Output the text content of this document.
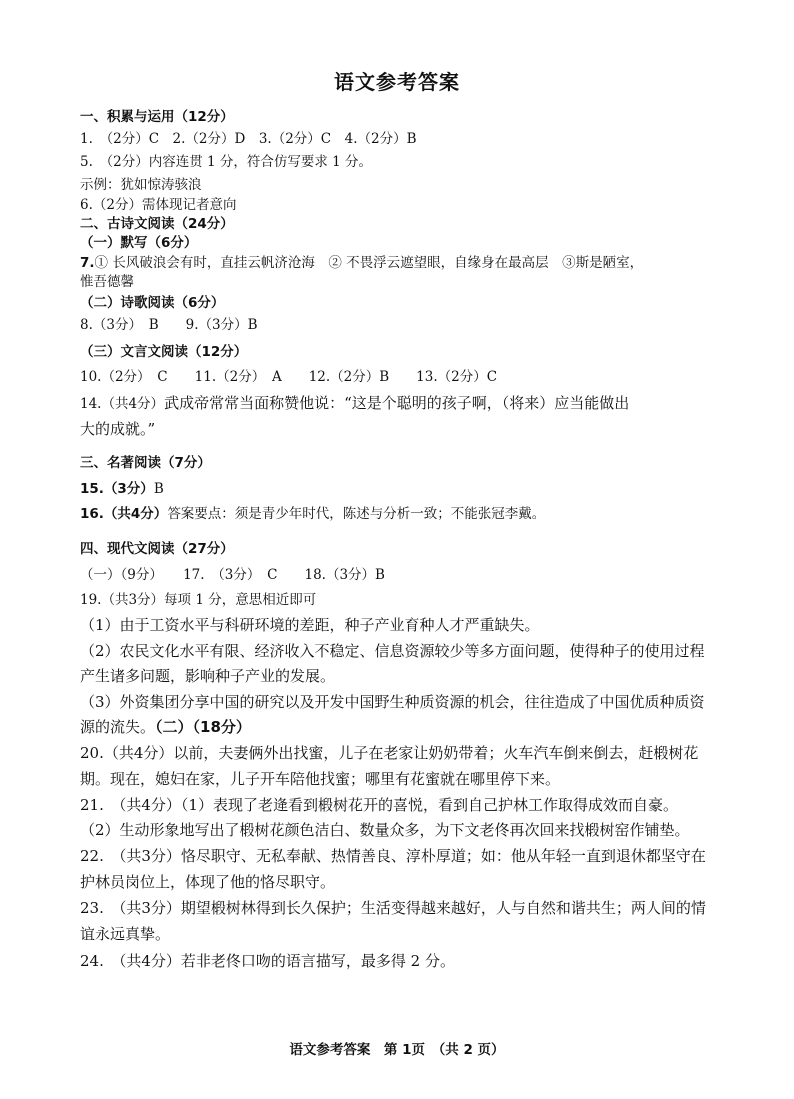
语文参考答案
一、积累与运用（12分）
1.　（2分）C　2.（2分）D　3.（2分）C　4.（2分）B
5.　（2分）内容连贯 1 分，符合仿写要求 1 分。
示例：犹如惊涛骇浪
6.（2分）需体现记者意向
二、古诗文阅读（24分）
（一）默写（6分）
7.① 长风破浪会有时，直挂云帆济沧海　② 不畏浮云遮望眼，自缘身在最高层　③斯是陋室，
惟吾德馨
（二）诗歌阅读（6分）
8.（3分）　B　　9.（3分）B
（三）文言文阅读（12分）
10.（2分）　C　　11.（2分）　A　　12.（2分）B　　13.（2分）C
14.（共4分）武成帝常常当面称赞他说：“这是个聪明的孩子啊，（将来）应当能做出
大的成就。”
三、名著阅读（7分）
15.（3分）B
16.（共4分）答案要点：须是青少年时代，陈述与分析一致；不能张冠李戴。
四、现代文阅读（27分）
（一）（9分）　　17.　（3分）　C　　18.（3分）B
19.（共3分）每项 1 分，意思相近即可
（1）由于工资水平与科研环境的差距，种子产业育种人才严重缺失。
（2）农民文化水平有限、经济收入不稳定、信息资源较少等多方面问题，使得种子的使用过程
产生诸多问题，影响种子产业的发展。
（3）外资集团分享中国的研究以及开发中国野生种质资源的机会，往往造成了中国优质种质资
源的流失。（二）（18分）
20.（共4分）以前，夫妻俩外出找蜜，儿子在老家让奶奶带着；火车汽车倒来倒去，赶椴树花
期。现在，媳妇在家，儿子开车陪他找蜜；哪里有花蜜就在哪里停下来。
21.　（共4分）（1）表现了老逄看到椴树花开的喜悦，看到自己护林工作取得成效而自豪。
（2）生动形象地写出了椴树花颜色洁白、数量众多，为下文老佟再次回来找椴树窑作铺垫。
22.　（共3分）恪尽职守、无私奉献、热情善良、淳朴厚道；如：他从年轻一直到退休都坚守在
护林员岗位上，体现了他的恪尽职守。
23.　（共3分）期望椴树林得到长久保护；生活变得越来越好，人与自然和谐共生；两人间的情
谊永远真挚。
24.　（共4分）若非老佟口吻的语言描写，最多得 2 分。
语文参考答案　第 1页　（共 2 页）
